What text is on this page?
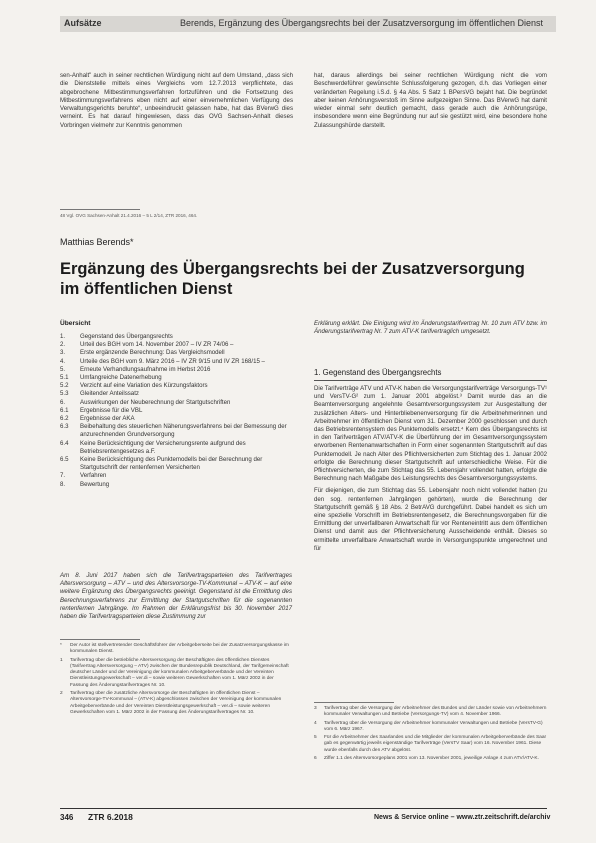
Aufsätze	Berends, Ergänzung des Übergangsrechts bei der Zusatzversorgung im öffentlichen Dienst
sen-Anhalt" auch in seiner rechtlichen Würdigung nicht auf dem Umstand, „dass sich die Dienststelle mittels eines Vergleichs vom 12.7.2013 verpflichtete, das abgebrochene Mitbestimmungsverfahren fortzuführen und die Fortsetzung des Mitbestimmungsverfahrens eben nicht auf einer einvernehmlichen Verfügung des Verwaltungsgerichts beruhte“, unbeeindruckt gelassen habe, hat das BVerwG dies verneint. Es hat darauf hingewiesen, dass das OVG Sachsen-Anhalt dieses Vorbringen vielmehr zur Kenntnis genommen
hat, daraus allerdings bei seiner rechtlichen Würdigung nicht die vom Beschwerdeführer gewünschte Schlussfolgerung gezogen, d.h. das Vorliegen einer veränderten Regelung i.S.d. § 4a Abs. 5 Satz 1 BPersVG bejaht hat. Die begründet aber keinen Anhörungsverstoß im Sinne aufgezeigten Sinne. Das BVerwG hat damit wieder einmal sehr deutlich gemacht, dass gerade auch die Anhörungsrüge, insbesondere wenn eine Begründung nur auf sie gestützt wird, eine besondere hohe Zulassungshürde darstellt.
48 Vgl. OVG Sachsen-Anhalt 21.4.2016 – 5 L 2/14, ZTR 2016, 464.
Matthias Berends*
Ergänzung des Übergangsrechts bei der Zusatzversorgung im öffentlichen Dienst
Übersicht
1.	Gegenstand des Übergangsrechts
2.	Urteil des BGH vom 14. November 2007 – IV ZR 74/06 –
3.	Erste ergänzende Berechnung: Das Vergleichsmodell
4.	Urteile des BGH vom 9. März 2016 – IV ZR 9/15 und IV ZR 168/15 –
5.	Erneute Verhandlungsaufnahme im Herbst 2016
5.1	Umfangreiche Datenerhebung
5.2	Verzicht auf eine Variation des Kürzungsfaktors
5.3	Gleitender Anteilssatz
6.	Auswirkungen der Neuberechnung der Startgutschriften
6.1	Ergebnisse für die VBL
6.2	Ergebnisse der AKA
6.3	Beibehaltung des steuerlichen Näherungsverfahrens bei der Bemessung der anzurechnenden Grundversorgung
6.4	Keine Berücksichtigung der Versicherungsrente aufgrund des Betriebsrentengesetzes a.F.
6.5	Keine Berücksichtigung des Punktemodells bei der Berechnung der Startgutschrift der rentenfernen Versicherten
7.	Verfahren
8.	Bewertung
Am 8. Juni 2017 haben sich die Tarifvertragsparteien des Tarifvertrages Altersversorgung – ATV – und des Altersvorsorge-TV-Kommunal – ATV-K – auf eine weitere Ergänzung des Übergangsrechts geeinigt. Gegenstand ist die Ermittlung des Berechnungsverfahrens zur Ermittlung der Startgutschriften für die sogenannten rentenfernen Jahrgänge. Im Rahmen der Erklärungsfrist bis 30. November 2017 haben die Tarifvertragsparteien diese Zustimmung zur

*	Der Autor ist stellvertretender Geschäftsführer der Arbeitgeberseite bei der Zusatzversorgungskasse im kommunalen Dienst.

1	Tarifvertrag über die betriebliche Altersversorgung der Beschäftigten des öffentlichen Dienstes (Tarifvertrag Altersversorgung – ATV) zwischen der Bundesrepublik Deutschland, der Tarifgemeinschaft deutscher Länder und der Vereinigung der kommunalen Arbeitgeberverbände und der Vereinten Dienstleistungsgewerkschaft – ver.di – sowie weiteren Gewerkschaften vom 1. März 2002 in der Fassung des Änderungstarifvertrages Nr. 10.

2	Tarifvertrag über die zusätzliche Altersvorsorge der Beschäftigten im öffentlichen Dienst – Altersvorsorge-TV-Kommunal – (ATV-K) abgeschlossen zwischen der Vereinigung der kommunalen Arbeitgeberverbände und der Vereinten Dienstleistungsgewerkschaft – ver.di – sowie weiteren Gewerkschaften vom 1. März 2002 in der Fassung des Änderungstarifvertrages Nr. 10.

Erklärung erklärt. Die Einigung wird im Änderungstarifvertrag Nr. 10 zum ATV bzw. im Änderungstarifvertrag Nr. 7 zum ATV-K tarifvertraglich umgesetzt.
1. Gegenstand des Übergangsrechts

Die Tarifverträge ATV und ATV-K haben die Versorgungstarifverträge Versorgungs-TV¹ und VersTV-G² zum 1. Januar 2001 abgelöst.³ Damit wurde das an die Beamtenversorgung angelehnte Gesamtversorgungssystem zur Ausgestaltung der zusätzlichen Alters- und Hinterbliebenenversorgung für die Arbeitnehmerinnen und Arbeitnehmer im öffentlichen Dienst vom 31. Dezember 2000 geschlossen und durch das Betriebsrentensystem des Punktemodells ersetzt.⁴ Kern des Übergangsrechts ist in den Tarifverträgen ATV/ATV-K die Überführung der im Gesamtversorgungssystem erworbenen Rentenanwartschaften in Form einer sogenannten Startgutschrift auf das Punktemodell. Je nach Alter des Pflichtversicherten zum Stichtag des 1. Januar 2002 erfolgte die Berechnung dieser Startgutschrift auf unterschiedliche Weise. Für die Pflichtversicherten, die zum Stichtag das 55. Lebensjahr vollendet hatten, erfolgte die Berechnung nach Maßgabe des Leistungsrechts des Gesamtversorgungssystems.

Für diejenigen, die zum Stichtag das 55. Lebensjahr noch nicht vollendet hatten (zu den sog. rentenfernen Jahrgängen gehörten), wurde die Berechnung der Startgutschrift gemäß § 18 Abs. 2 BetrAVG durchgeführt. Dabei handelt es sich um eine spezielle Vorschrift im Betriebsrentengesetz, die Berechnungsvorgaben für die Ermittlung der unverfallbaren Anwartschaft für vor Renteneintritt aus dem öffentlichen Dienst und damit aus der Pflichtversicherung Ausscheidende enthält. Dieses so ermittelte unverfallbare Anwartschaft wurde in Versorgungspunkte umgerechnet und für

3	Tarifvertrag über die Versorgung der Arbeitnehmer des Bundes und der Länder sowie von Arbeitnehmern kommunaler Verwaltungen und Betriebe (Versorgungs-TV) vom 4. November 1966.

4	Tarifvertrag über die Versorgung der Arbeitnehmer kommunaler Verwaltungen und Betriebe (VersTV-G) vom 6. März 1967.

5	Für die Arbeitnehmer des Saarlandes und die Mitglieder der kommunalen Arbeitgeberverbände des Saar gab es gegenwärtig jeweils eigenständige Tarifverträge (VersTV Saar) vom 16. November 1961. Diese wurde ebenfalls durch den ATV abgelöst.

6	Ziffer 1.1 des Altersvorsorgeplans 2001 vom 13. November 2001, jeweilige Anlage 4 zum ATV/ATV-K.

346 ZTR 6.2018	News & Service online – www.ztr.zeitschrift.de/archiv
